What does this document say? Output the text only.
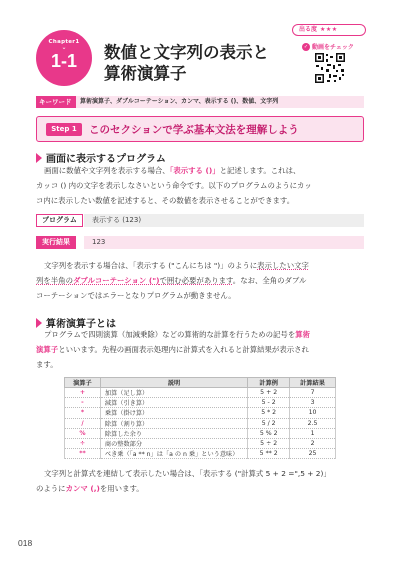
Chapter1
⌄
1-1	数値と文字列の表示と
算術演算子
出る度 ★★★
✓ 動画をチェック
キーワード	算術演算子、ダブルコーテーション、カンマ、表示する ()、数値、文字列
Step 1	このセクションで学ぶ基本文法を理解しよう
画面に表示するプログラム
画面に数値や文字列を表示する場合、「表示する ()」と記述します。これは、
カッコ () 内の文字を表示しなさいという命令です。以下のプログラムのようにカッ
コ内に表示したい数値を記述すると、その数値を表示させることができます。
プログラム	表示する (123)
実行結果	123
文字列を表示する場合は、「表示する ("こんにちは ")」のように表示したい文字
列を半角のダブルコーテーション (")で囲む必要があります。なお、全角のダブル
コーテーションではエラーとなりプログラムが動きません。
算術演算子とは
プログラムで四則演算（加減乗除）などの算術的な計算を行うための記号を算術
演算子といいます。先程の画面表示処理内に計算式を入れると計算結果が表示され
ます。
演算子	説明	計算例	計算結果
+	加算（足し算）	5 + 2	7
-	減算（引き算）	5 - 2	3
*	乗算（掛け算）	5 * 2	10
/	除算（割り算）	5 / 2	2.5
%	除算した余り	5 % 2	1
÷	商の整数部分	5 ÷ 2	2
**	べき乗（「a ** n」は「a の n 乗」という意味）	5 ** 2	25
文字列と計算式を連結して表示したい場合は、「表示する ("計算式 5 + 2 =",5 + 2)」
のようにカンマ (,)を用います。
018
